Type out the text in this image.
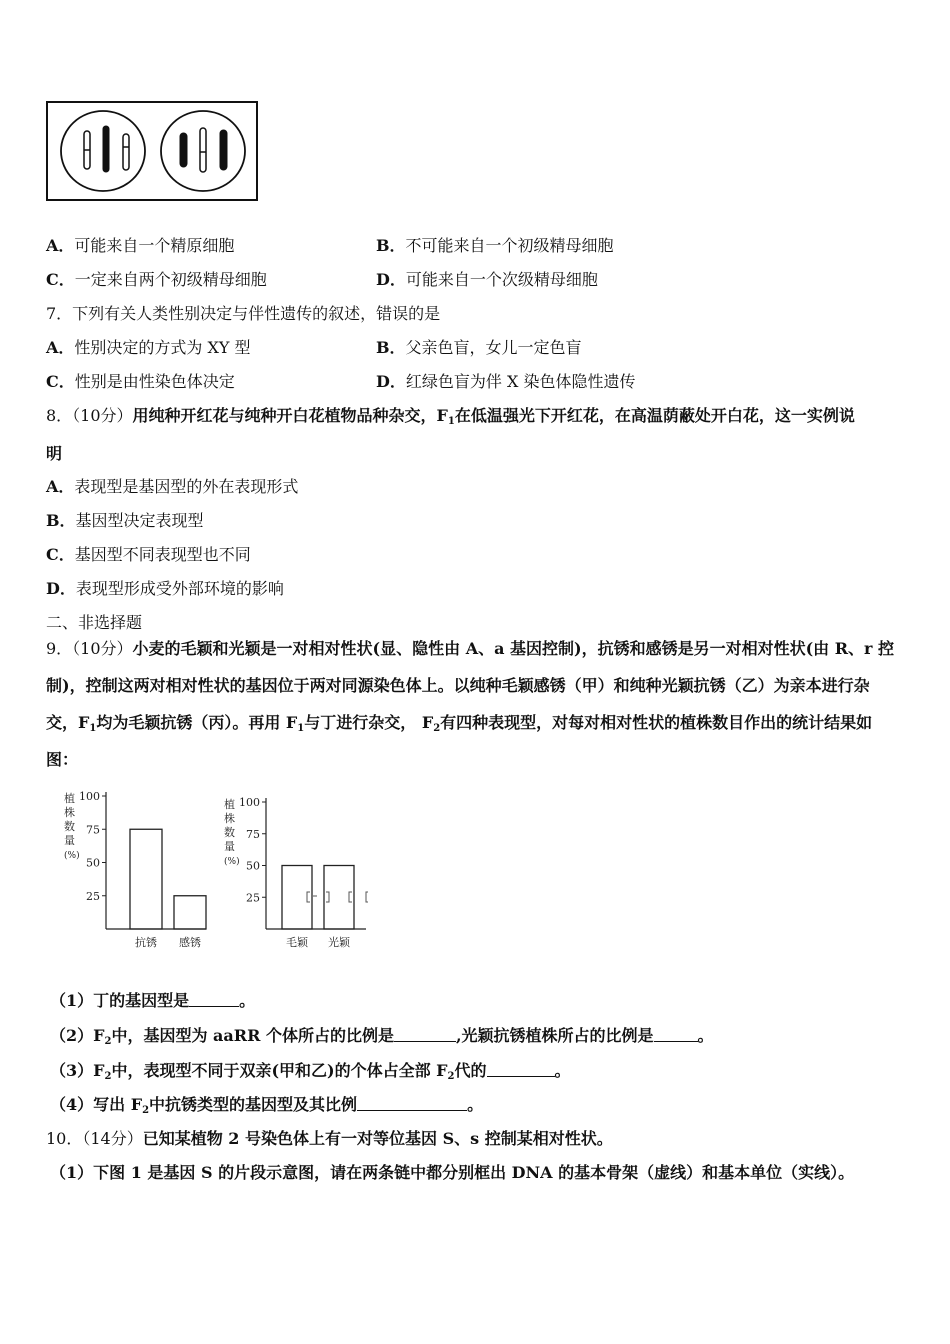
A．可能来自一个精原细胞	B．不可能来自一个初级精母细胞
C．一定来自两个初级精母细胞	D．可能来自一个次级精母细胞
7．下列有关人类性别决定与伴性遗传的叙述，错误的是
A．性别决定的方式为 XY 型	B．父亲色盲，女儿一定色盲
C．性别是由性染色体决定	D．红绿色盲为伴 X 染色体隐性遗传
8．（10分）用纯种开红花与纯种开白花植物品种杂交，$F_1$在低温强光下开红花，在高温荫蔽处开白花，这一实例说
明
A．表现型是基因型的外在表现形式
B．基因型决定表现型
C．基因型不同表现型也不同
D．表现型形成受外部环境的影响
二、非选择题
9．（10分）小麦的毛颖和光颖是一对相对性状(显、隐性由 A、a 基因控制)，抗锈和感锈是另一对相对性状(由 R、r 控
制)，控制这两对相对性状的基因位于两对同源染色体上。以纯种毛颖感锈（甲）和纯种光颖抗锈（乙）为亲本进行杂
交，$F_1$均为毛颖抗锈（丙）。再用 $F_1$与丁进行杂交， $F_2$有四种表现型，对每对相对性状的植株数目作出的统计结果如
图：
植
株
数
量
(%)
25
50
75
100
抗锈 感锈
植
株
数
量
(%)
25
50
75
100
毛颖 光颖
（1）丁的基因型是	。
$(2)F_2$中，基因型为 aaRR 个体所占的比例是	,光颖抗锈植株所占的比例是	。
$(3)F_2$中，表现型不同于双亲(甲和乙)的个体占全部 $F_2$代的	。
（4）写出 $F_2$中抗锈类型的基因型及其比例	。
10．（14分）已知某植物 2 号染色体上有一对等位基因 S、s 控制某相对性状。
（1）下图 1 是基因 S 的片段示意图，请在两条链中都分别框出 DNA 的基本骨架（虚线）和基本单位（实线）。
